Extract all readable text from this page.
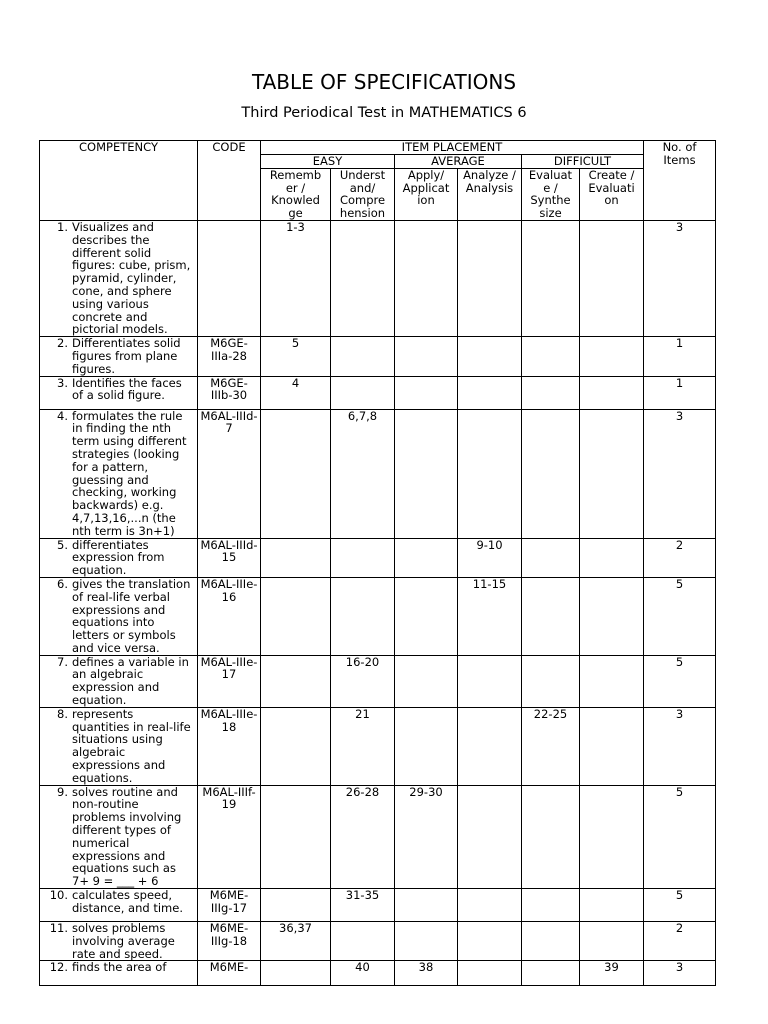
TABLE OF SPECIFICATIONS
Third Periodical Test in MATHEMATICS 6
COMPETENCY	CODE	ITEM PLACEMENT						No. of Items
		EASY		AVERAGE		DIFFICULT		
		Rememb er / Knowled ge	Underst and/ Compre hension	Apply/ Applicat ion	Analyze / Analysis	Evaluat e / Synthe size	Create / Evaluati on	
1. Visualizes and describes the different solid figures: cube, prism, pyramid, cylinder, cone, and sphere using various concrete and pictorial models.		1-3						3
2. Differentiates solid figures from plane figures.	M6GE-IIIa-28	5						1
3. Identifies the faces of a solid figure.	M6GE-IIIb-30	4						1
4. formulates the rule in finding the nth term using different strategies (looking for a pattern, guessing and checking, working backwards) e.g. 4,7,13,16,...n (the nth term is 3n+1)	M6AL-IIId-7		6,7,8					3
5. differentiates expression from equation.	M6AL-IIId-15				9-10			2
6. gives the translation of real-life verbal expressions and equations into letters or symbols and vice versa.	M6AL-IIIe-16				11-15			5
7. defines a variable in an algebraic expression and equation.	M6AL-IIIe-17		16-20					5
8. represents quantities in real-life situations using algebraic expressions and equations.	M6AL-IIIe-18		21			22-25		3
9. solves routine and non-routine problems involving different types of numerical expressions and equations such as 7+ 9 = ___ + 6	M6AL-IIIf-19		26-28	29-30				5
10. calculates speed, distance, and time.	M6ME-IIIg-17		31-35					5
11. solves problems involving average rate and speed.	M6ME-IIIg-18	36,37						2
12. finds the area of	M6ME-		40	38			39	3
